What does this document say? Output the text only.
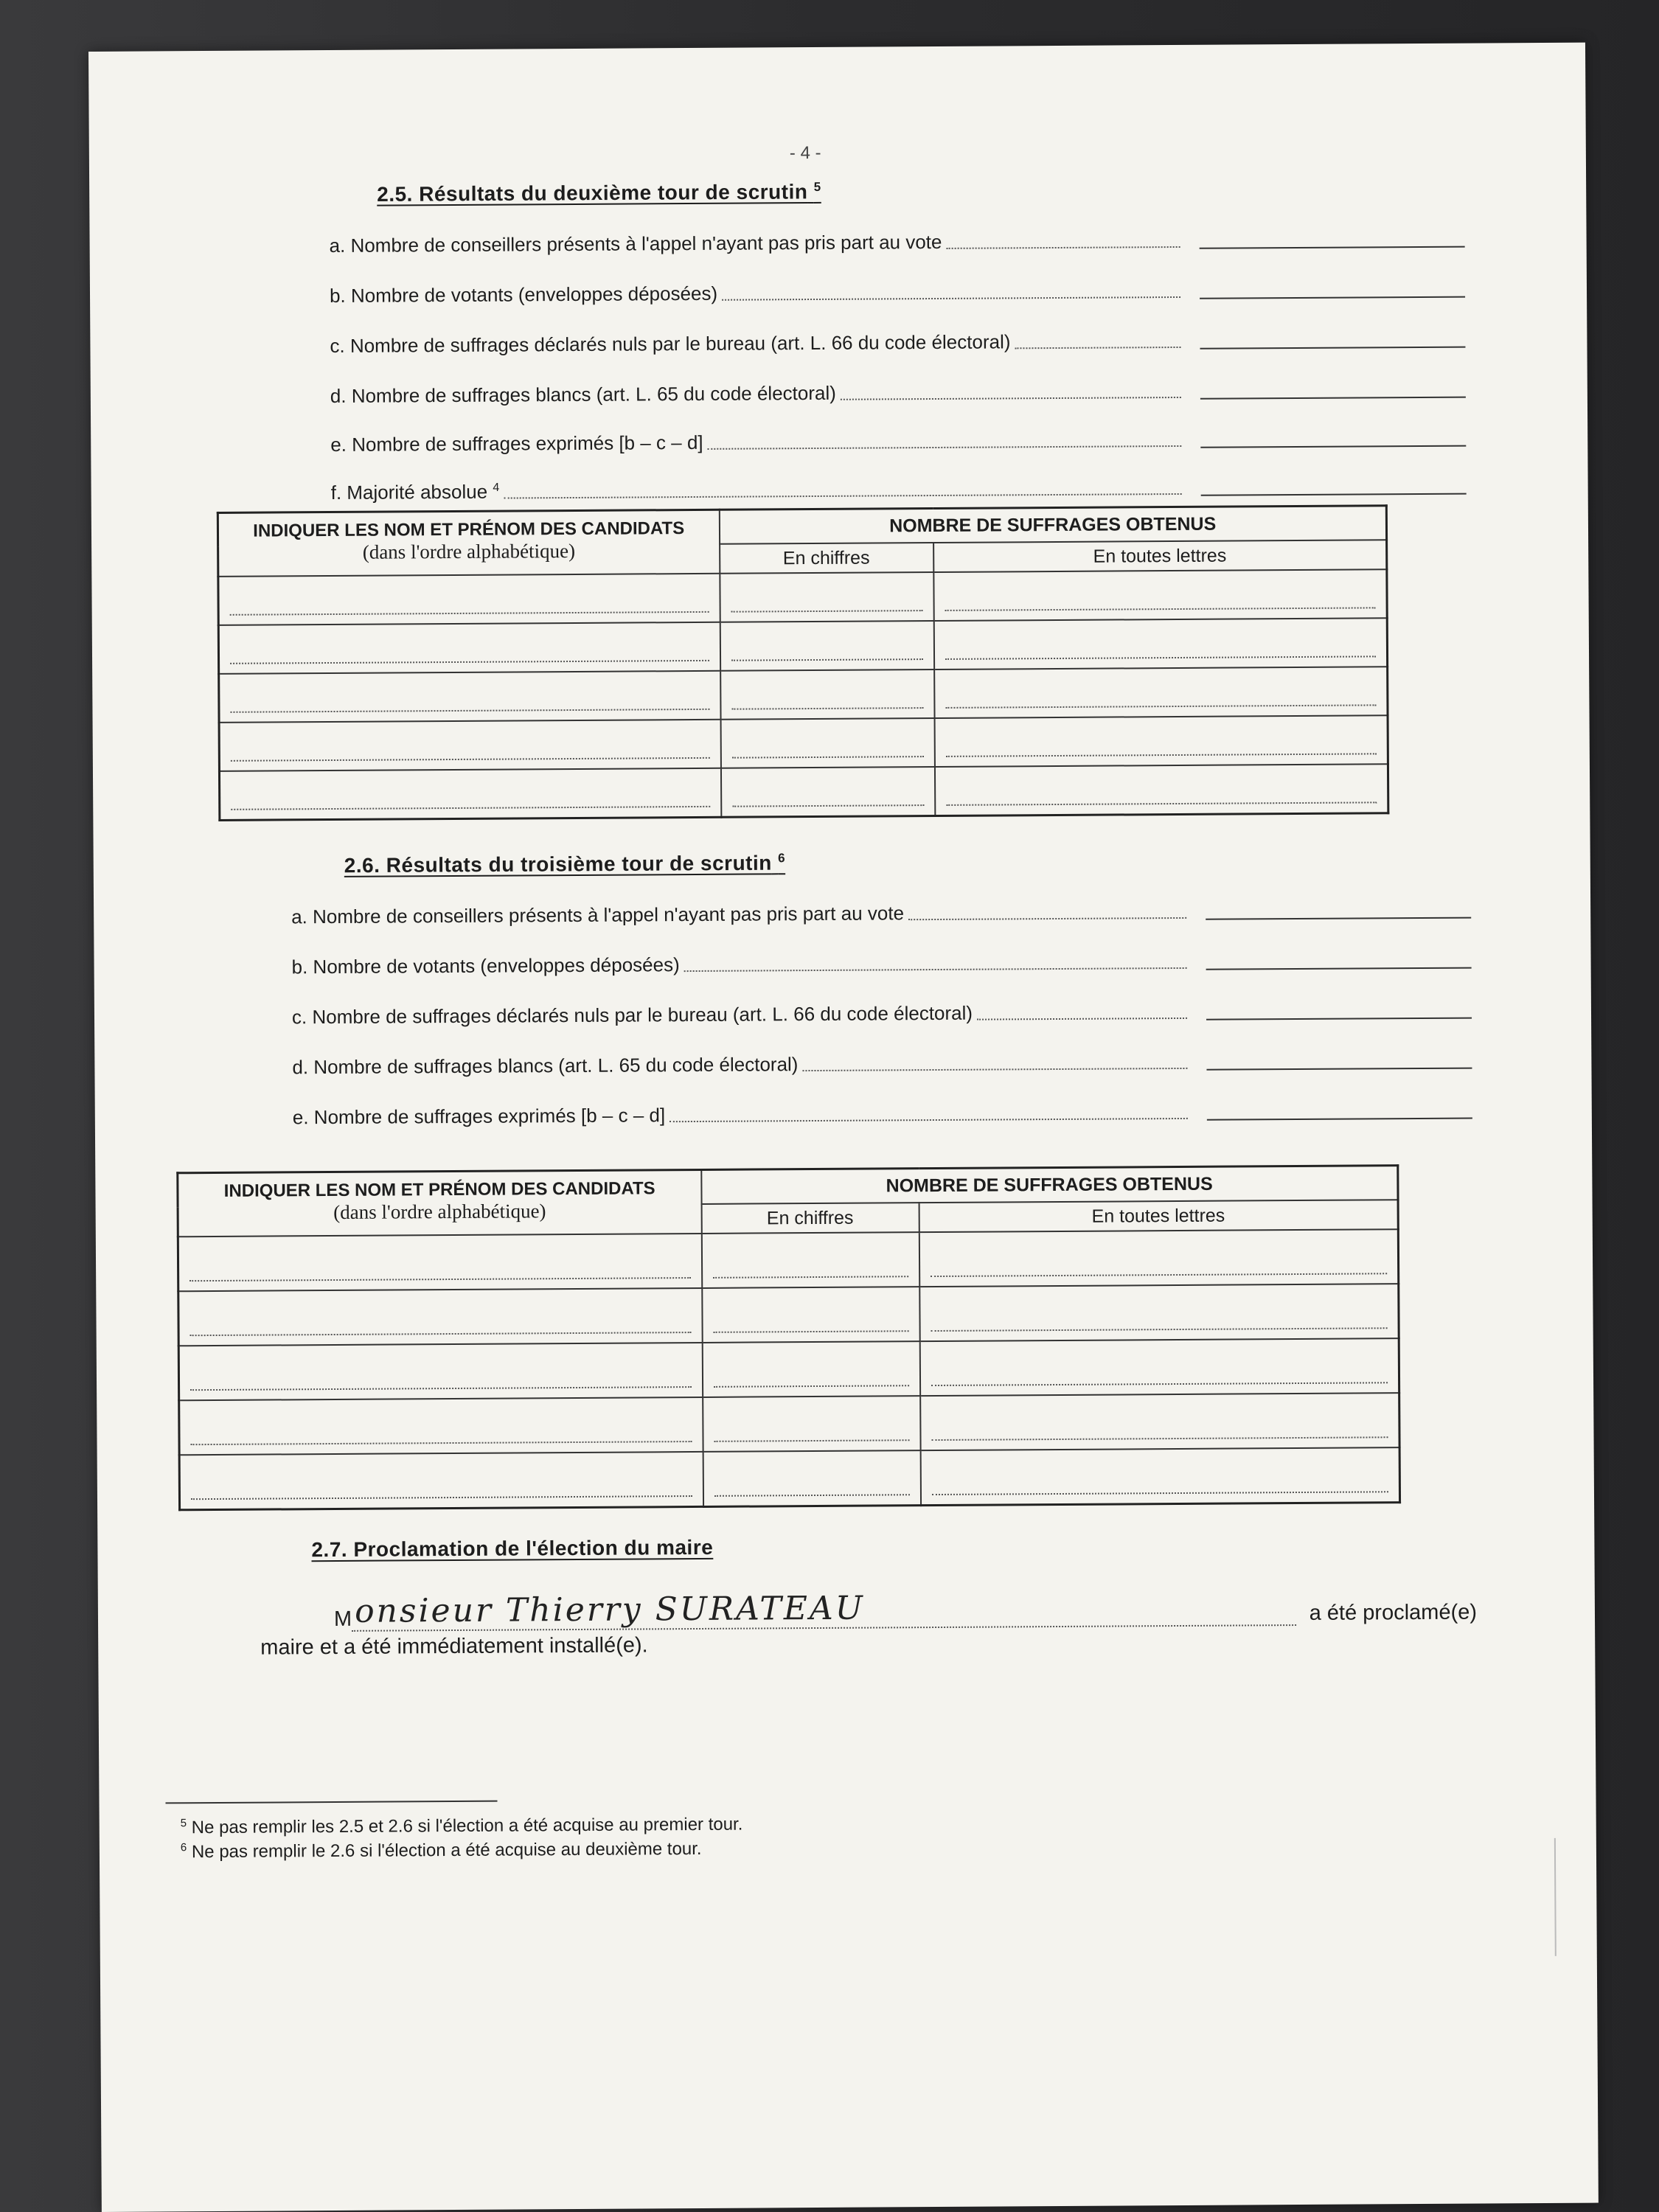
- 4 -
2.5. Résultats du deuxième tour de scrutin $^5$
a. Nombre de conseillers présents à l'appel n'ayant pas pris part au vote
b. Nombre de votants (enveloppes déposées)
c. Nombre de suffrages déclarés nuls par le bureau (art. L. 66 du code électoral)
d. Nombre de suffrages blancs (art. L. 65 du code électoral)
e. Nombre de suffrages exprimés [b – c – d]
f. Majorité absolue $^4$
INDIQUER LES NOM ET PRÉNOM DES CANDIDATS
(dans l'ordre alphabétique)	NOMBRE DE SUFFRAGES OBTENUS	
	En chiffres	En toutes lettres

2.6. Résultats du troisième tour de scrutin $^6$
a. Nombre de conseillers présents à l'appel n'ayant pas pris part au vote
b. Nombre de votants (enveloppes déposées)
c. Nombre de suffrages déclarés nuls par le bureau (art. L. 66 du code électoral)
d. Nombre de suffrages blancs (art. L. 65 du code électoral)
e. Nombre de suffrages exprimés [b – c – d]
INDIQUER LES NOM ET PRÉNOM DES CANDIDATS
(dans l'ordre alphabétique)	NOMBRE DE SUFFRAGES OBTENUS	
	En chiffres	En toutes lettres

2.7. Proclamation de l'élection du maire
M onsieur Thierry SURATEAU	a été proclamé(e)
maire et a été immédiatement installé(e).
$^5$ Ne pas remplir les 2.5 et 2.6 si l'élection a été acquise au premier tour.
$^6$ Ne pas remplir le 2.6 si l'élection a été acquise au deuxième tour.
